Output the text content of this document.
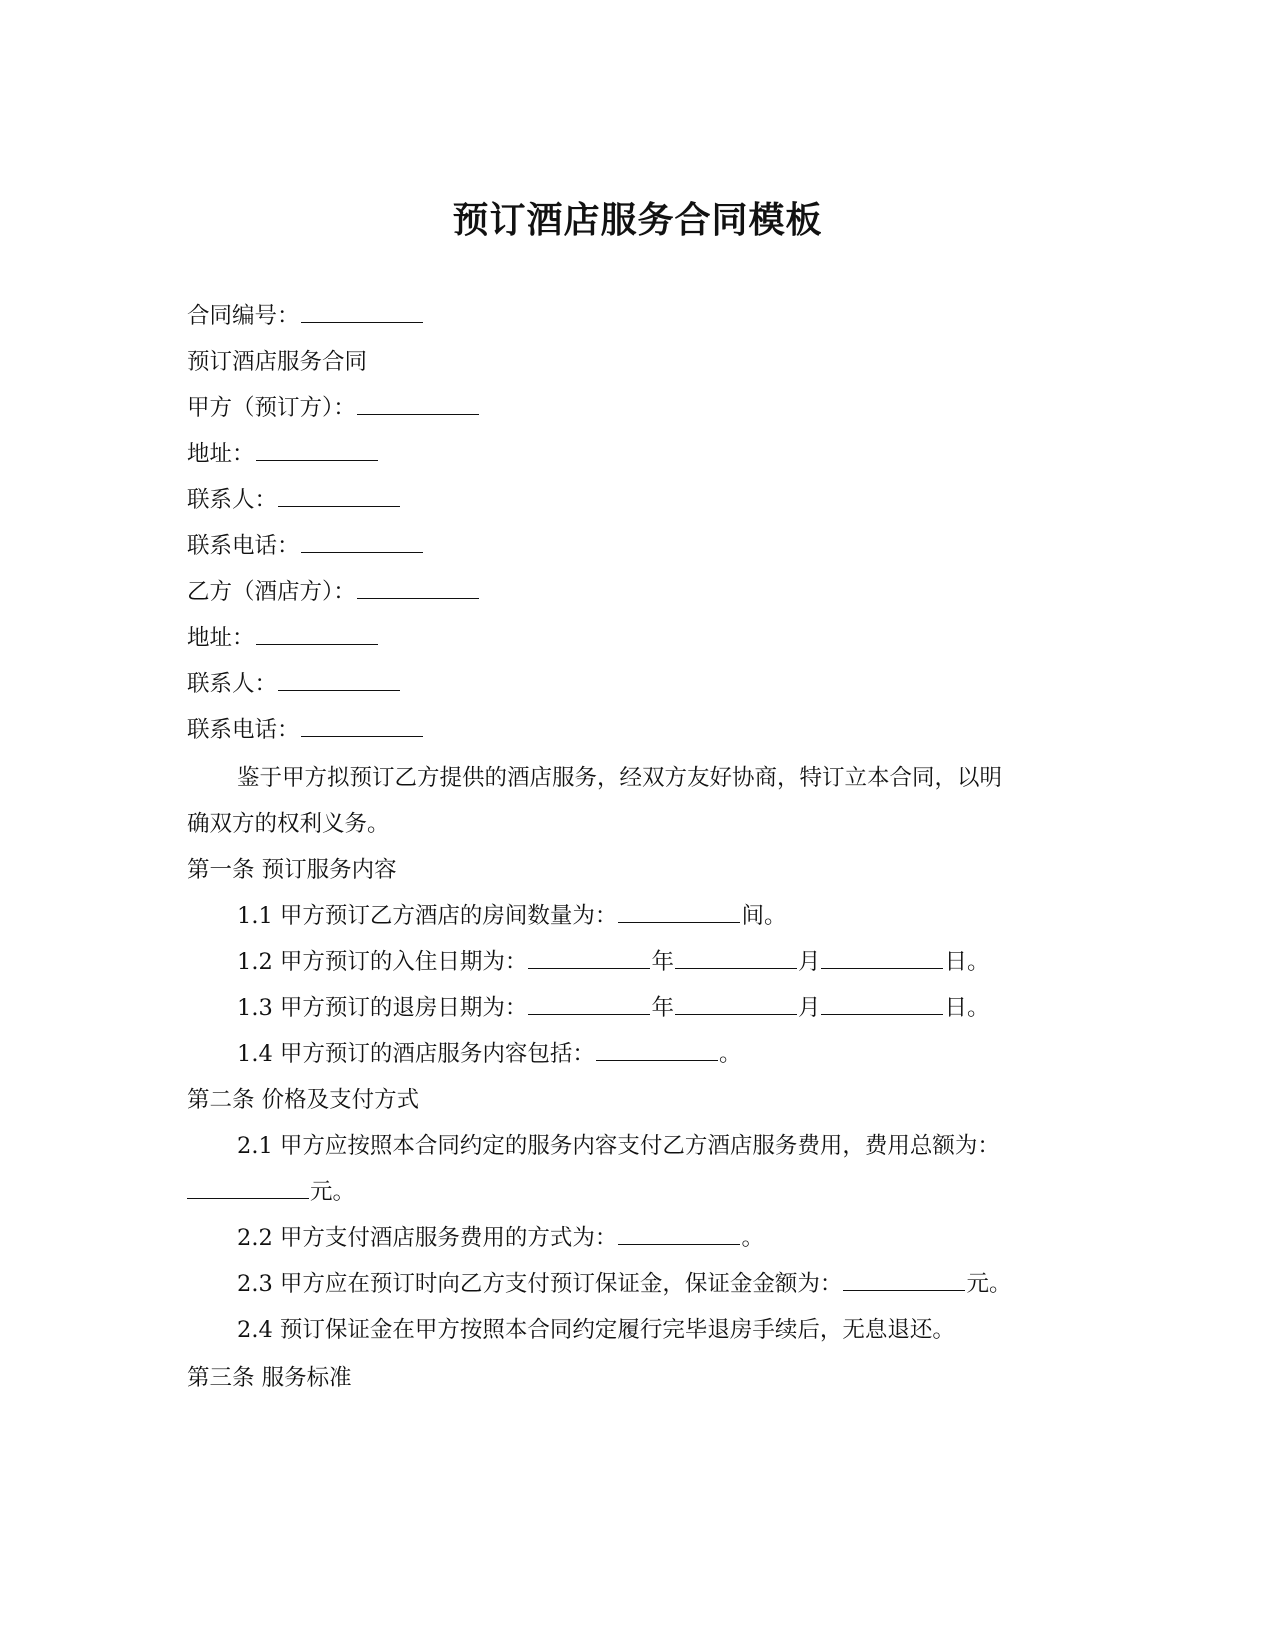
预订酒店服务合同模板
合同编号：
预订酒店服务合同
甲方（预订方）：
地址：
联系人：
联系电话：
乙方（酒店方）：
地址：
联系人：
联系电话：
鉴于甲方拟预订乙方提供的酒店服务，经双方友好协商，特订立本合同，以明
确双方的权利义务。
第一条 预订服务内容
1.1 甲方预订乙方酒店的房间数量为：	间。
1.2 甲方预订的入住日期为：	年	月	日。
1.3 甲方预订的退房日期为：	年	月	日。
1.4 甲方预订的酒店服务内容包括：	。
第二条 价格及支付方式
2.1 甲方应按照本合同约定的服务内容支付乙方酒店服务费用，费用总额为：
元。
2.2 甲方支付酒店服务费用的方式为：	。
2.3 甲方应在预订时向乙方支付预订保证金，保证金金额为：	元。
2.4 预订保证金在甲方按照本合同约定履行完毕退房手续后，无息退还。
第三条 服务标准
